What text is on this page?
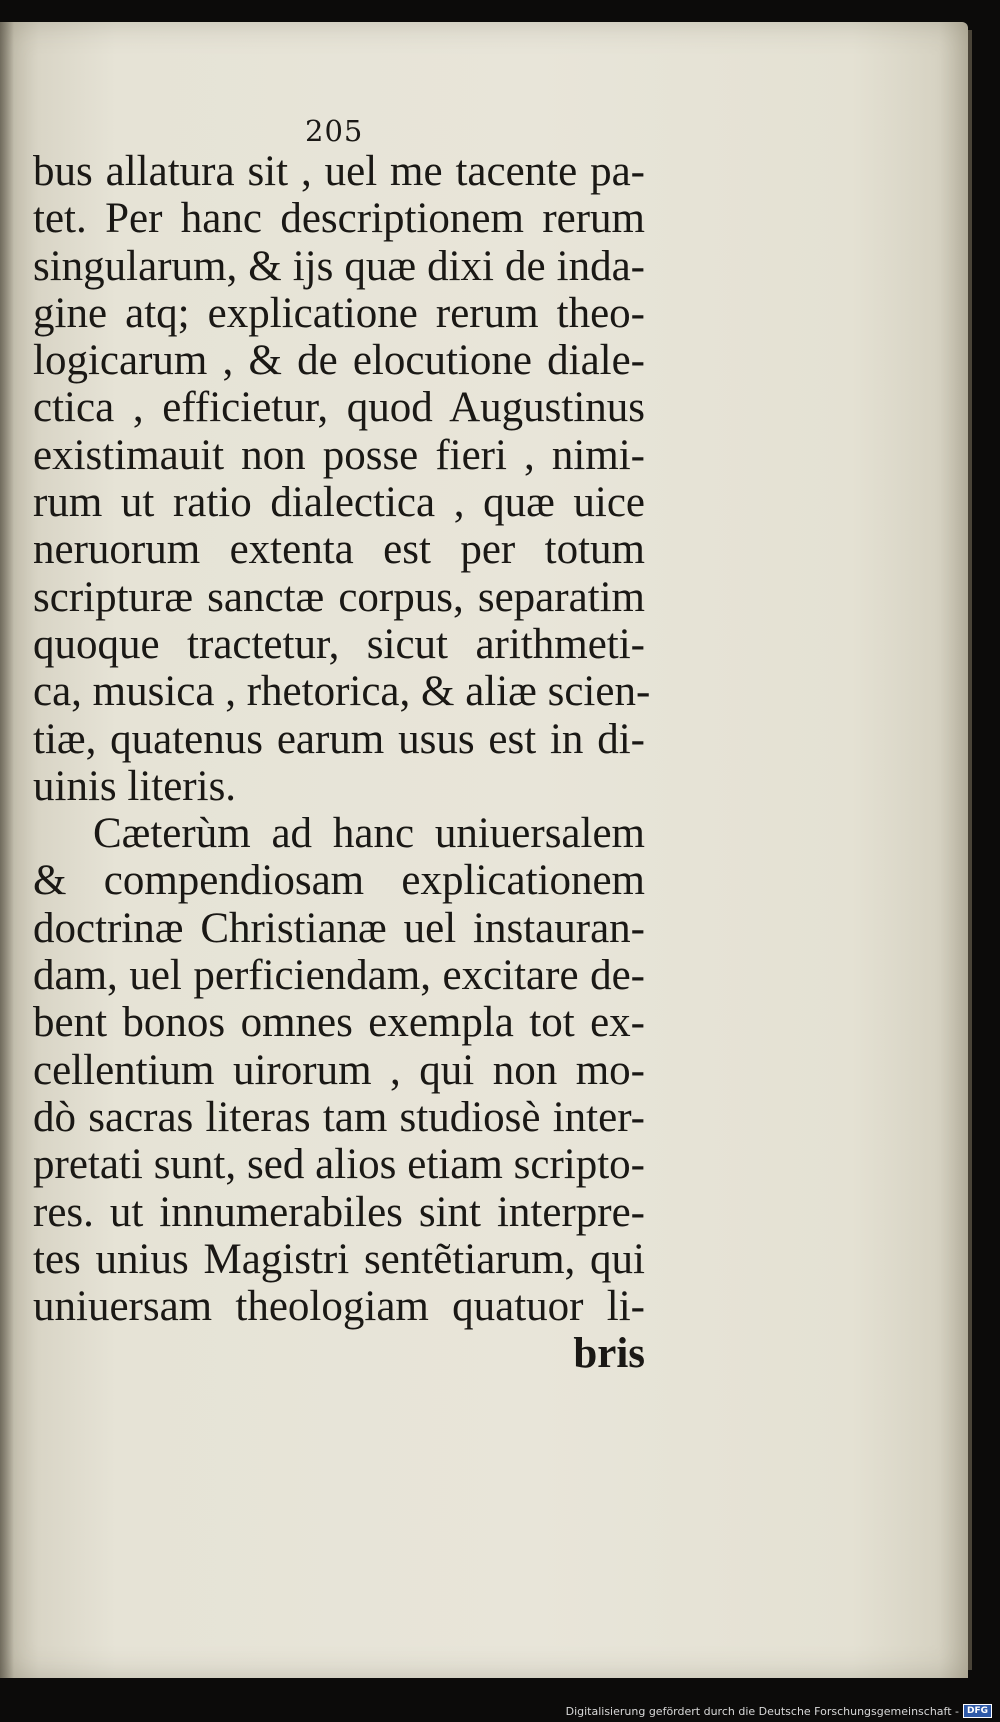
205
bus allatura sit , uel me tacente pa-
tet. Per hanc descriptionem rerum
singularum, & ijs quæ dixi de inda-
gine atq; explicatione rerum theo-
logicarum , & de elocutione diale-
ctica , efficietur, quod Augustinus
existimauit non posse fieri , nimi-
rum ut ratio dialectica , quæ uice
neruorum extenta est per totum
scripturæ sanctæ corpus, separatim
quoque tractetur, sicut arithmeti-
ca, musica , rhetorica, & aliæ scien-
tiæ, quatenus earum usus est in di-
uinis literis.
Cæterùm ad hanc uniuersalem
& compendiosam explicationem
doctrinæ Christianæ uel instauran-
dam, uel perficiendam, excitare de-
bent bonos omnes exempla tot ex-
cellentium uirorum , qui non mo-
dò sacras literas tam studiosè inter-
pretati sunt, sed alios etiam scripto-
res. ut innumerabiles sint interpre-
tes unius Magistri sentẽtiarum, qui
uniuersam theologiam quatuor li-
bris
Digitalisierung gefördert durch die Deutsche Forschungsgemeinschaft - DFG
